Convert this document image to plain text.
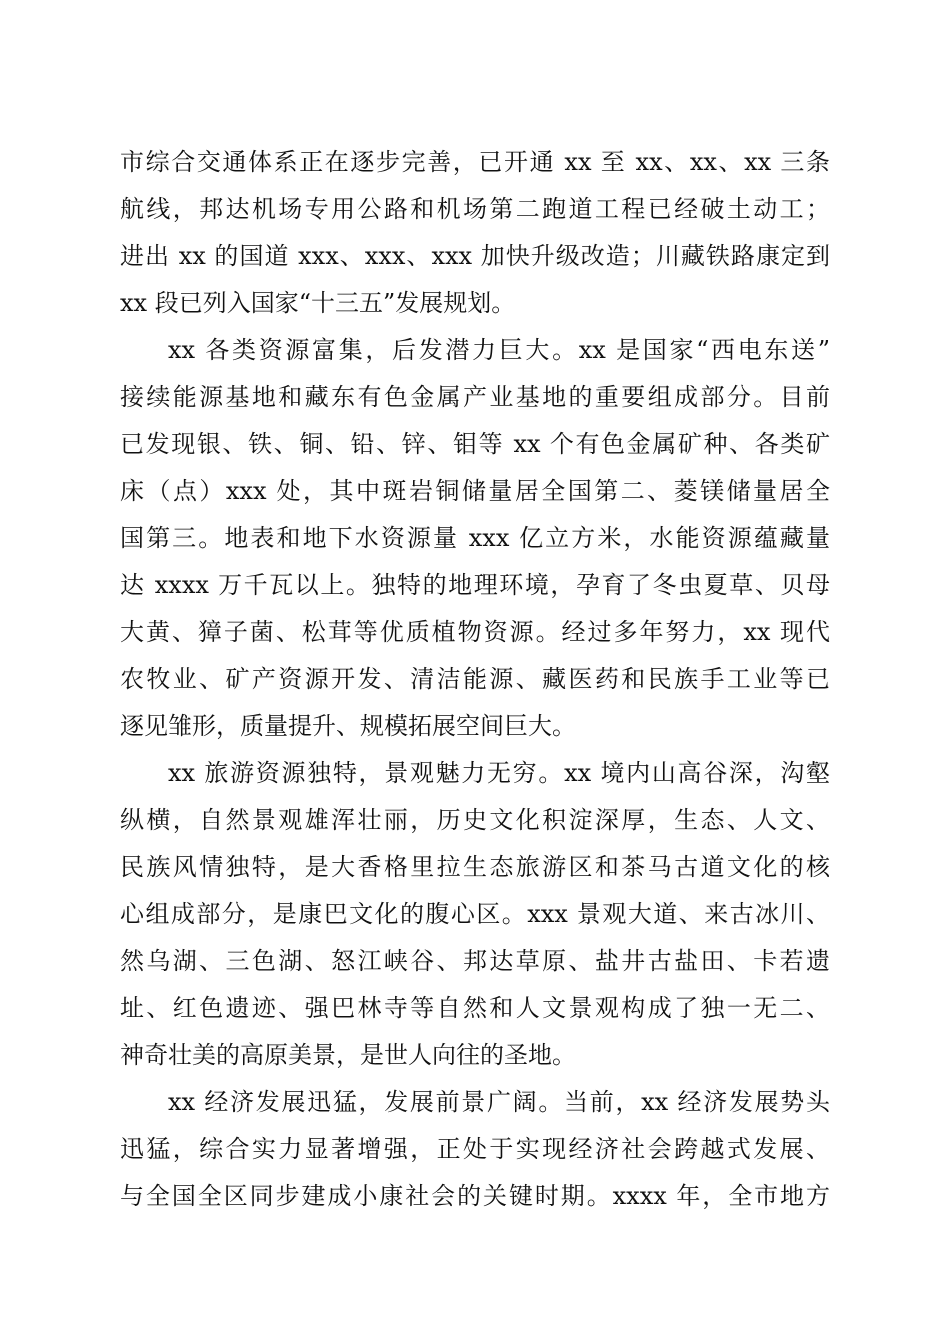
市综合交通体系正在逐步完善，已开通 xx 至 xx、xx、xx 三条
航线，邦达机场专用公路和机场第二跑道工程已经破土动工；
进出 xx 的国道 xxx、xxx、xxx 加快升级改造；川藏铁路康定到
xx 段已列入国家“十三五”发展规划。
xx 各类资源富集，后发潜力巨大。xx 是国家“西电东送”
接续能源基地和藏东有色金属产业基地的重要组成部分。目前
已发现银、铁、铜、铅、锌、钼等 xx 个有色金属矿种、各类矿
床（点）xxx 处，其中斑岩铜储量居全国第二、菱镁储量居全
国第三。地表和地下水资源量 xxx 亿立方米，水能资源蕴藏量
达 xxxx 万千瓦以上。独特的地理环境，孕育了冬虫夏草、贝母
大黄、獐子菌、松茸等优质植物资源。经过多年努力，xx 现代
农牧业、矿产资源开发、清洁能源、藏医药和民族手工业等已
逐见雏形，质量提升、规模拓展空间巨大。
xx 旅游资源独特，景观魅力无穷。xx 境内山高谷深，沟壑
纵横，自然景观雄浑壮丽，历史文化积淀深厚，生态、人文、
民族风情独特，是大香格里拉生态旅游区和茶马古道文化的核
心组成部分，是康巴文化的腹心区。xxx 景观大道、来古冰川、
然乌湖、三色湖、怒江峡谷、邦达草原、盐井古盐田、卡若遗
址、红色遗迹、强巴林寺等自然和人文景观构成了独一无二、
神奇壮美的高原美景，是世人向往的圣地。
xx 经济发展迅猛，发展前景广阔。当前，xx 经济发展势头
迅猛，综合实力显著增强，正处于实现经济社会跨越式发展、
与全国全区同步建成小康社会的关键时期。xxxx 年，全市地方
